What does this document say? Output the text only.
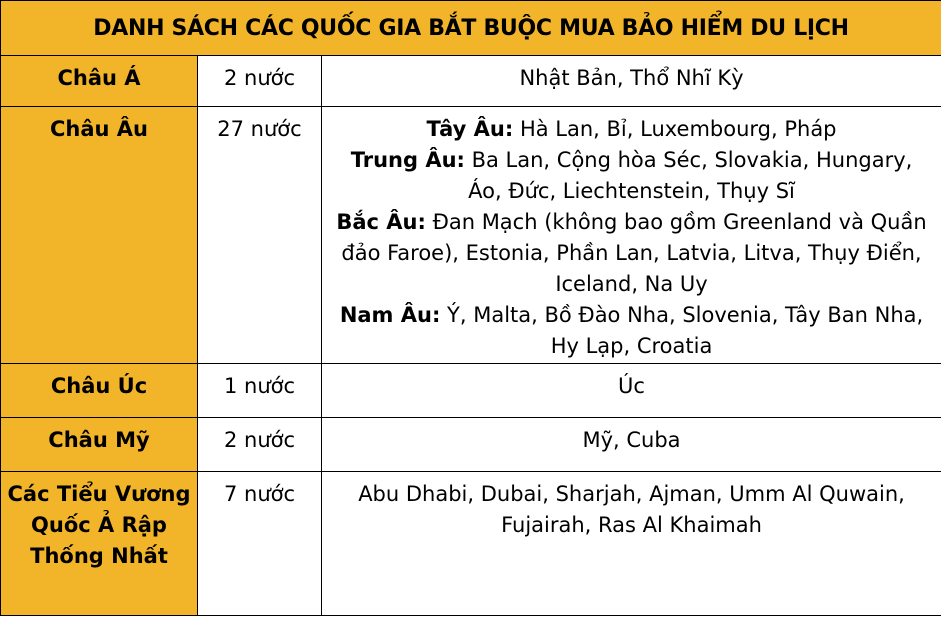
DANH SÁCH CÁC QUỐC GIA BẮT BUỘC MUA BẢO HIỂM DU LỊCH		
Châu Á	2 nước	Nhật Bản, Thổ Nhĩ Kỳ
Châu Âu	27 nước	Tây Âu: Hà Lan, Bỉ, Luxembourg, Pháp
Trung Âu: Ba Lan, Cộng hòa Séc, Slovakia, Hungary, Áo, Đức, Liechtenstein, Thụy Sĩ
Bắc Âu: Đan Mạch (không bao gồm Greenland và Quần đảo Faroe), Estonia, Phần Lan, Latvia, Litva, Thụy Điển, Iceland, Na Uy
Nam Âu: Ý, Malta, Bồ Đào Nha, Slovenia, Tây Ban Nha, Hy Lạp, Croatia

Châu Úc	1 nước	Úc
Châu Mỹ	2 nước	Mỹ, Cuba
Các Tiểu Vương Quốc Ả Rập Thống Nhất	7 nước	Abu Dhabi, Dubai, Sharjah, Ajman, Umm Al Quwain, Fujairah, Ras Al Khaimah
